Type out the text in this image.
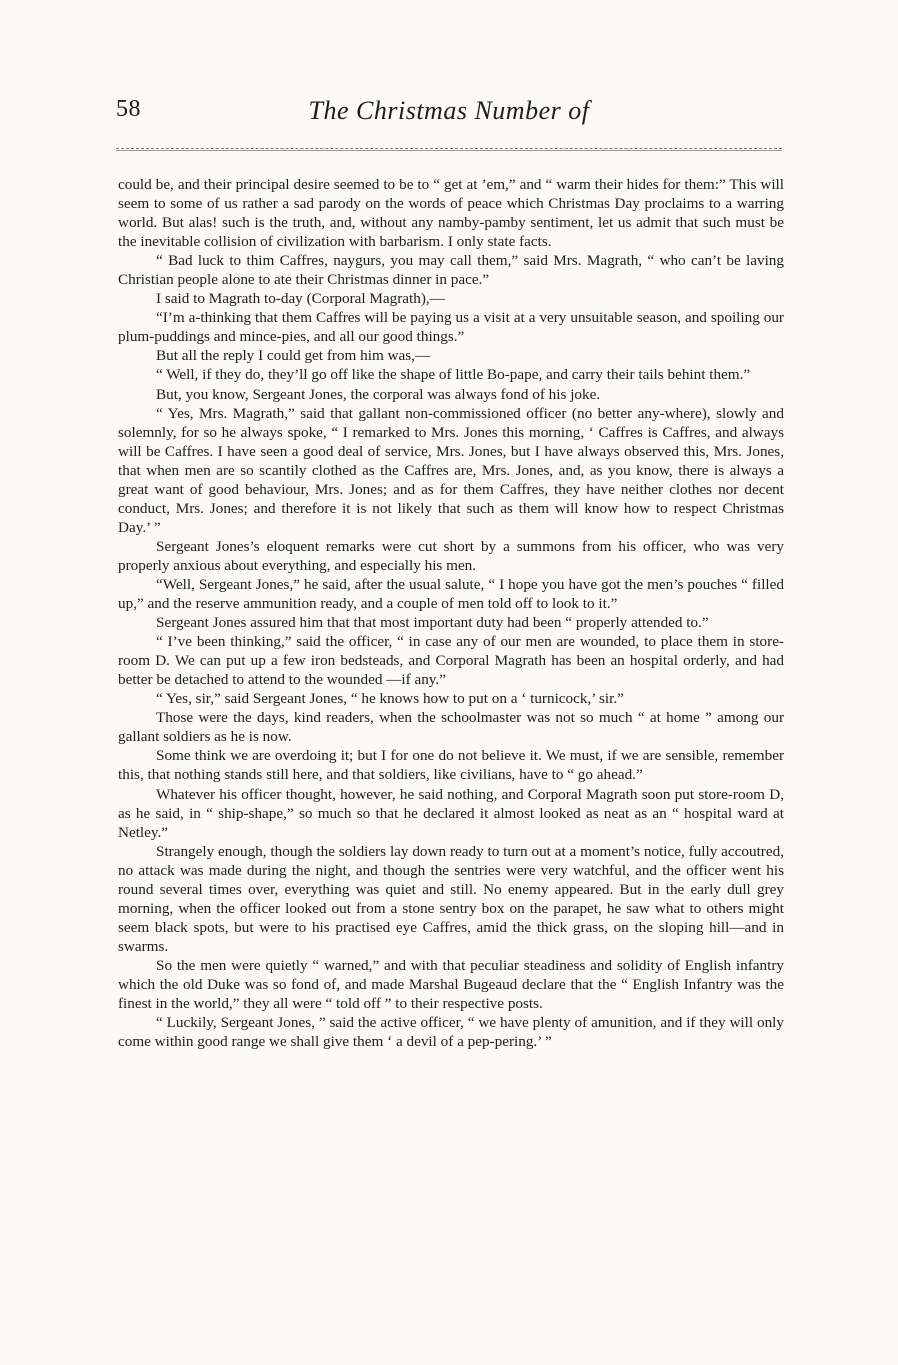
58	The Christmas Number of

could be, and their principal desire seemed to be to “ get at ’em,” and “ warm their hides for them:” This will seem to some of us rather a sad parody on the words of peace which Christmas Day proclaims to a warring world. But alas! such is the truth, and, without any namby-pamby sentiment, let us admit that such must be the inevitable collision of civilization with barbarism. I only state facts.

“ Bad luck to thim Caffres, naygurs, you may call them,” said Mrs. Magrath, “ who can’t be laving Christian people alone to ate their Christmas dinner in pace.”

I said to Magrath to-day (Corporal Magrath),—

“I’m a-thinking that them Caffres will be paying us a visit at a very unsuitable season, and spoiling our plum-puddings and mince-pies, and all our good things.”

But all the reply I could get from him was,—

“ Well, if they do, they’ll go off like the shape of little Bo-pape, and carry their tails behint them.”

But, you know, Sergeant Jones, the corporal was always fond of his joke.

“ Yes, Mrs. Magrath,” said that gallant non-commissioned officer (no better any-where), slowly and solemnly, for so he always spoke, “ I remarked to Mrs. Jones this morning, ‘ Caffres is Caffres, and always will be Caffres. I have seen a good deal of service, Mrs. Jones, but I have always observed this, Mrs. Jones, that when men are so scantily clothed as the Caffres are, Mrs. Jones, and, as you know, there is always a great want of good behaviour, Mrs. Jones; and as for them Caffres, they have neither clothes nor decent conduct, Mrs. Jones; and therefore it is not likely that such as them will know how to respect Christmas Day.’ ”

Sergeant Jones’s eloquent remarks were cut short by a summons from his officer, who was very properly anxious about everything, and especially his men.

“Well, Sergeant Jones,” he said, after the usual salute, “ I hope you have got the men’s pouches “ filled up,” and the reserve ammunition ready, and a couple of men told off to look to it.”

Sergeant Jones assured him that that most important duty had been “ properly attended to.”

“ I’ve been thinking,” said the officer, “ in case any of our men are wounded, to place them in store-room D. We can put up a few iron bedsteads, and Corporal Magrath has been an hospital orderly, and had better be detached to attend to the wounded —if any.”

“ Yes, sir,” said Sergeant Jones, “ he knows how to put on a ‘ turnicock,’ sir.”

Those were the days, kind readers, when the schoolmaster was not so much “ at home ” among our gallant soldiers as he is now.

Some think we are overdoing it; but I for one do not believe it. We must, if we are sensible, remember this, that nothing stands still here, and that soldiers, like civilians, have to “ go ahead.”

Whatever his officer thought, however, he said nothing, and Corporal Magrath soon put store-room D, as he said, in “ ship-shape,” so much so that he declared it almost looked as neat as an “ hospital ward at Netley.”

Strangely enough, though the soldiers lay down ready to turn out at a moment’s notice, fully accoutred, no attack was made during the night, and though the sentries were very watchful, and the officer went his round several times over, everything was quiet and still. No enemy appeared. But in the early dull grey morning, when the officer looked out from a stone sentry box on the parapet, he saw what to others might seem black spots, but were to his practised eye Caffres, amid the thick grass, on the sloping hill—and in swarms.

So the men were quietly “ warned,” and with that peculiar steadiness and solidity of English infantry which the old Duke was so fond of, and made Marshal Bugeaud declare that the “ English Infantry was the finest in the world,” they all were “ told off ” to their respective posts.

“ Luckily, Sergeant Jones, ” said the active officer, “ we have plenty of amunition, and if they will only come within good range we shall give them ‘ a devil of a pep-pering.’ ”
